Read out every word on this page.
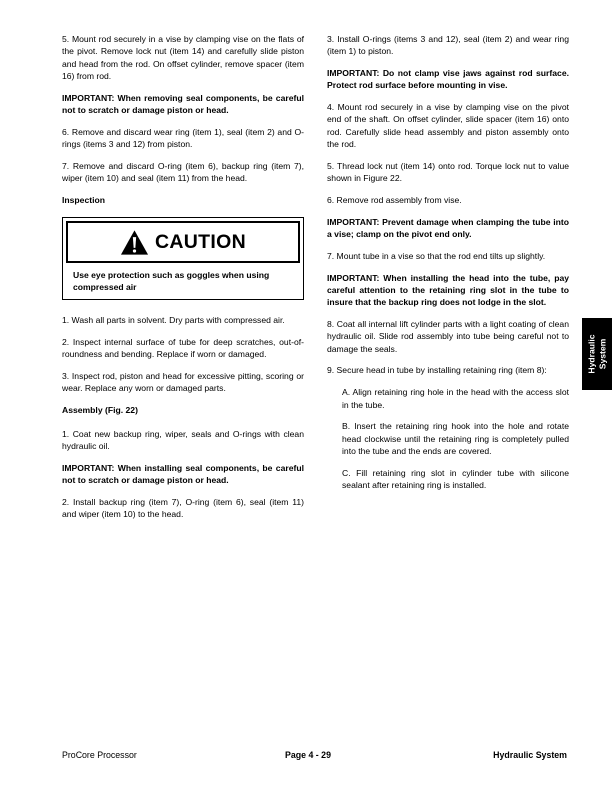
5. Mount rod securely in a vise by clamping vise on the flats of the pivot. Remove lock nut (item 14) and carefully slide piston and head from the rod. On offset cylinder, remove spacer (item 16) from rod.

IMPORTANT: When removing seal components, be careful not to scratch or damage piston or head.

6. Remove and discard wear ring (item 1), seal (item 2) and O-rings (items 3 and 12) from piston.

7. Remove and discard O-ring (item 6), backup ring (item 7), wiper (item 10) and seal (item 11) from the head.

Inspection

CAUTION
Use eye protection such as goggles when using compressed air

1. Wash all parts in solvent. Dry parts with compressed air.

2. Inspect internal surface of tube for deep scratches, out-of-roundness and bending. Replace if worn or damaged.

3. Inspect rod, piston and head for excessive pitting, scoring or wear. Replace any worn or damaged parts.

Assembly (Fig. 22)

1. Coat new backup ring, wiper, seals and O-rings with clean hydraulic oil.

IMPORTANT: When installing seal components, be careful not to scratch or damage piston or head.

2. Install backup ring (item 7), O-ring (item 6), seal (item 11) and wiper (item 10) to the head.

3. Install O-rings (items 3 and 12), seal (item 2) and wear ring (item 1) to piston.

IMPORTANT: Do not clamp vise jaws against rod surface. Protect rod surface before mounting in vise.

4. Mount rod securely in a vise by clamping vise on the pivot end of the shaft. On offset cylinder, slide spacer (item 16) onto rod. Carefully slide head assembly and piston assembly onto the rod.

5. Thread lock nut (item 14) onto rod. Torque lock nut to value shown in Figure 22.

6. Remove rod assembly from vise.

IMPORTANT: Prevent damage when clamping the tube into a vise; clamp on the pivot end only.

7. Mount tube in a vise so that the rod end tilts up slightly.

IMPORTANT: When installing the head into the tube, pay careful attention to the retaining ring slot in the tube to insure that the backup ring does not lodge in the slot.

8. Coat all internal lift cylinder parts with a light coating of clean hydraulic oil. Slide rod assembly into tube being careful not to damage the seals.

9. Secure head in tube by installing retaining ring (item 8):

A. Align retaining ring hole in the head with the access slot in the tube.

B. Insert the retaining ring hook into the hole and rotate head clockwise until the retaining ring is completely pulled into the tube and the ends are covered.

C. Fill retaining ring slot in cylinder tube with silicone sealant after retaining ring is installed.

Hydraulic System
ProCore Processor	Page 4 - 29	Hydraulic System
